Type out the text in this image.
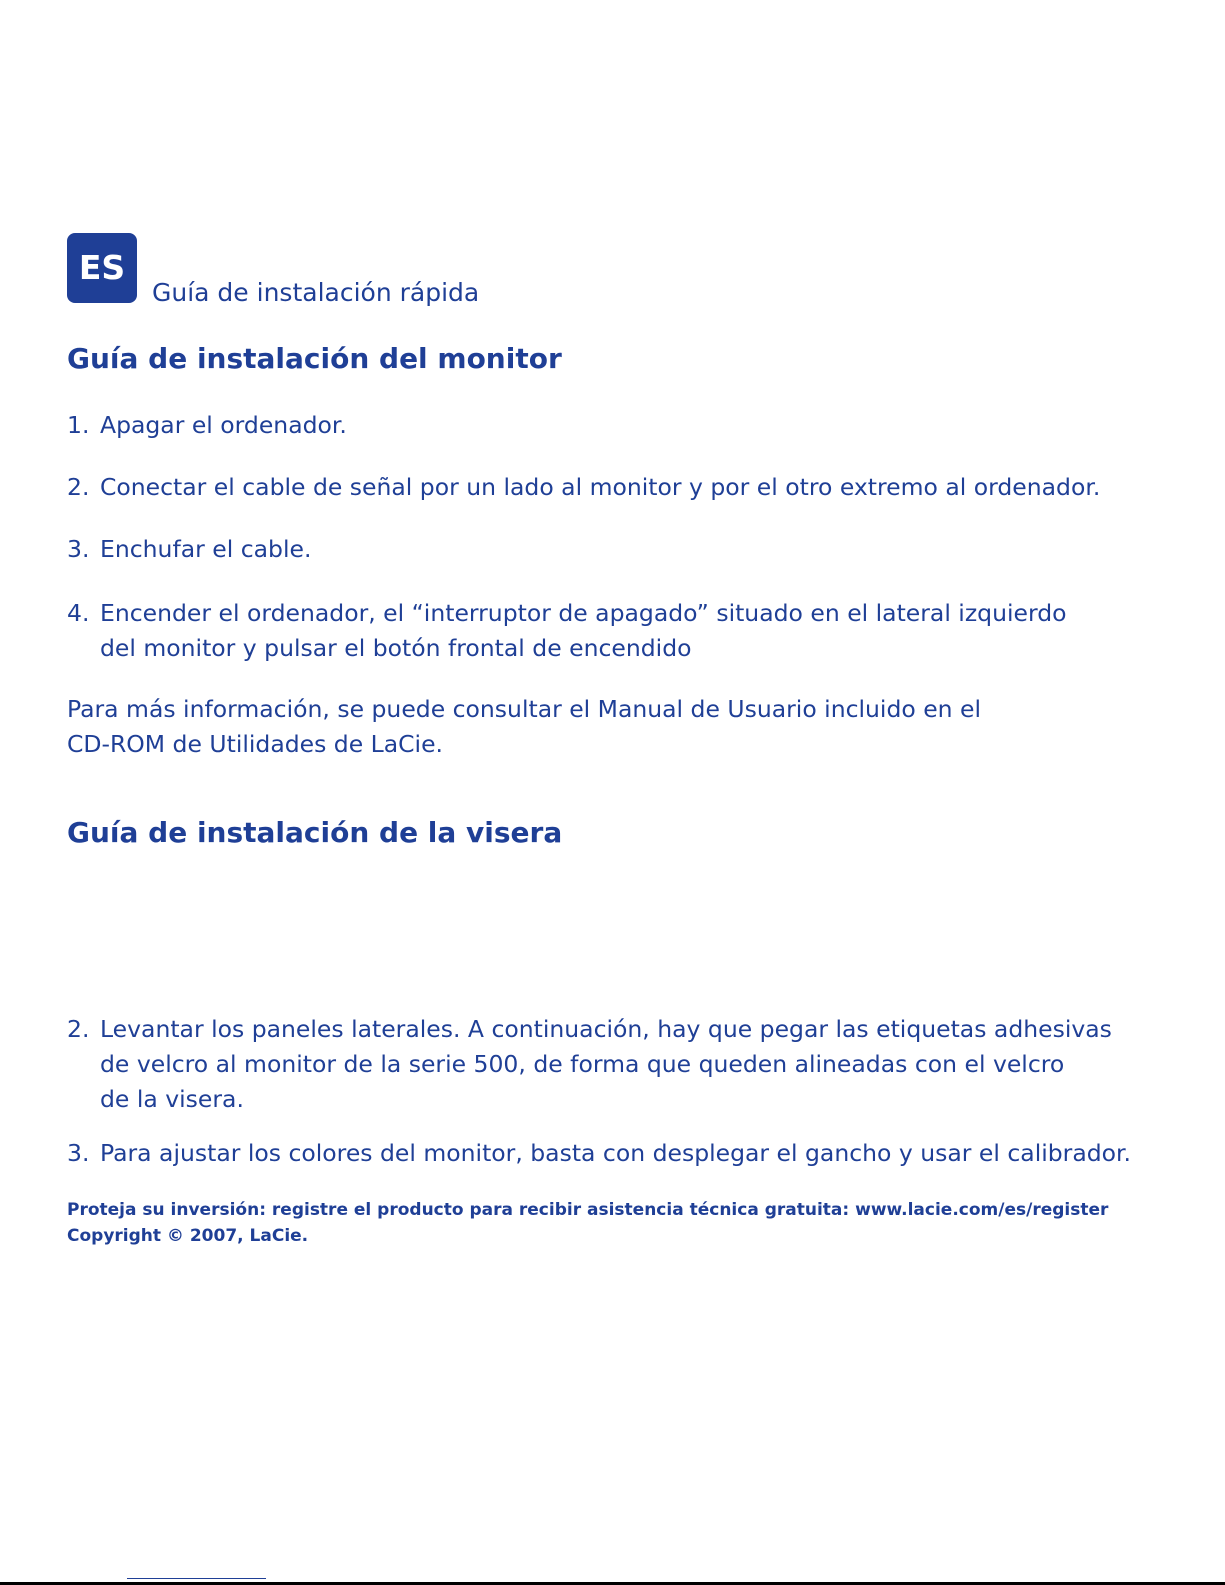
ES
Guía de instalación rápida
Guía de instalación del monitor
1. Apagar el ordenador.
2. Conectar el cable de señal por un lado al monitor y por el otro extremo al ordenador.
3. Enchufar el cable.
4. Encender el ordenador, el “interruptor de apagado” situado en el lateral izquierdo
del monitor y pulsar el botón frontal de encendido
Para más información, se puede consultar el Manual de Usuario incluido en el
CD-ROM de Utilidades de LaCie.
Guía de instalación de la visera
2. Levantar los paneles laterales. A continuación, hay que pegar las etiquetas adhesivas
de velcro al monitor de la serie 500, de forma que queden alineadas con el velcro
de la visera.
3. Para ajustar los colores del monitor, basta con desplegar el gancho y usar el calibrador.
Proteja su inversión: registre el producto para recibir asistencia técnica gratuita: www.lacie.com/es/register
Copyright © 2007, LaCie.
